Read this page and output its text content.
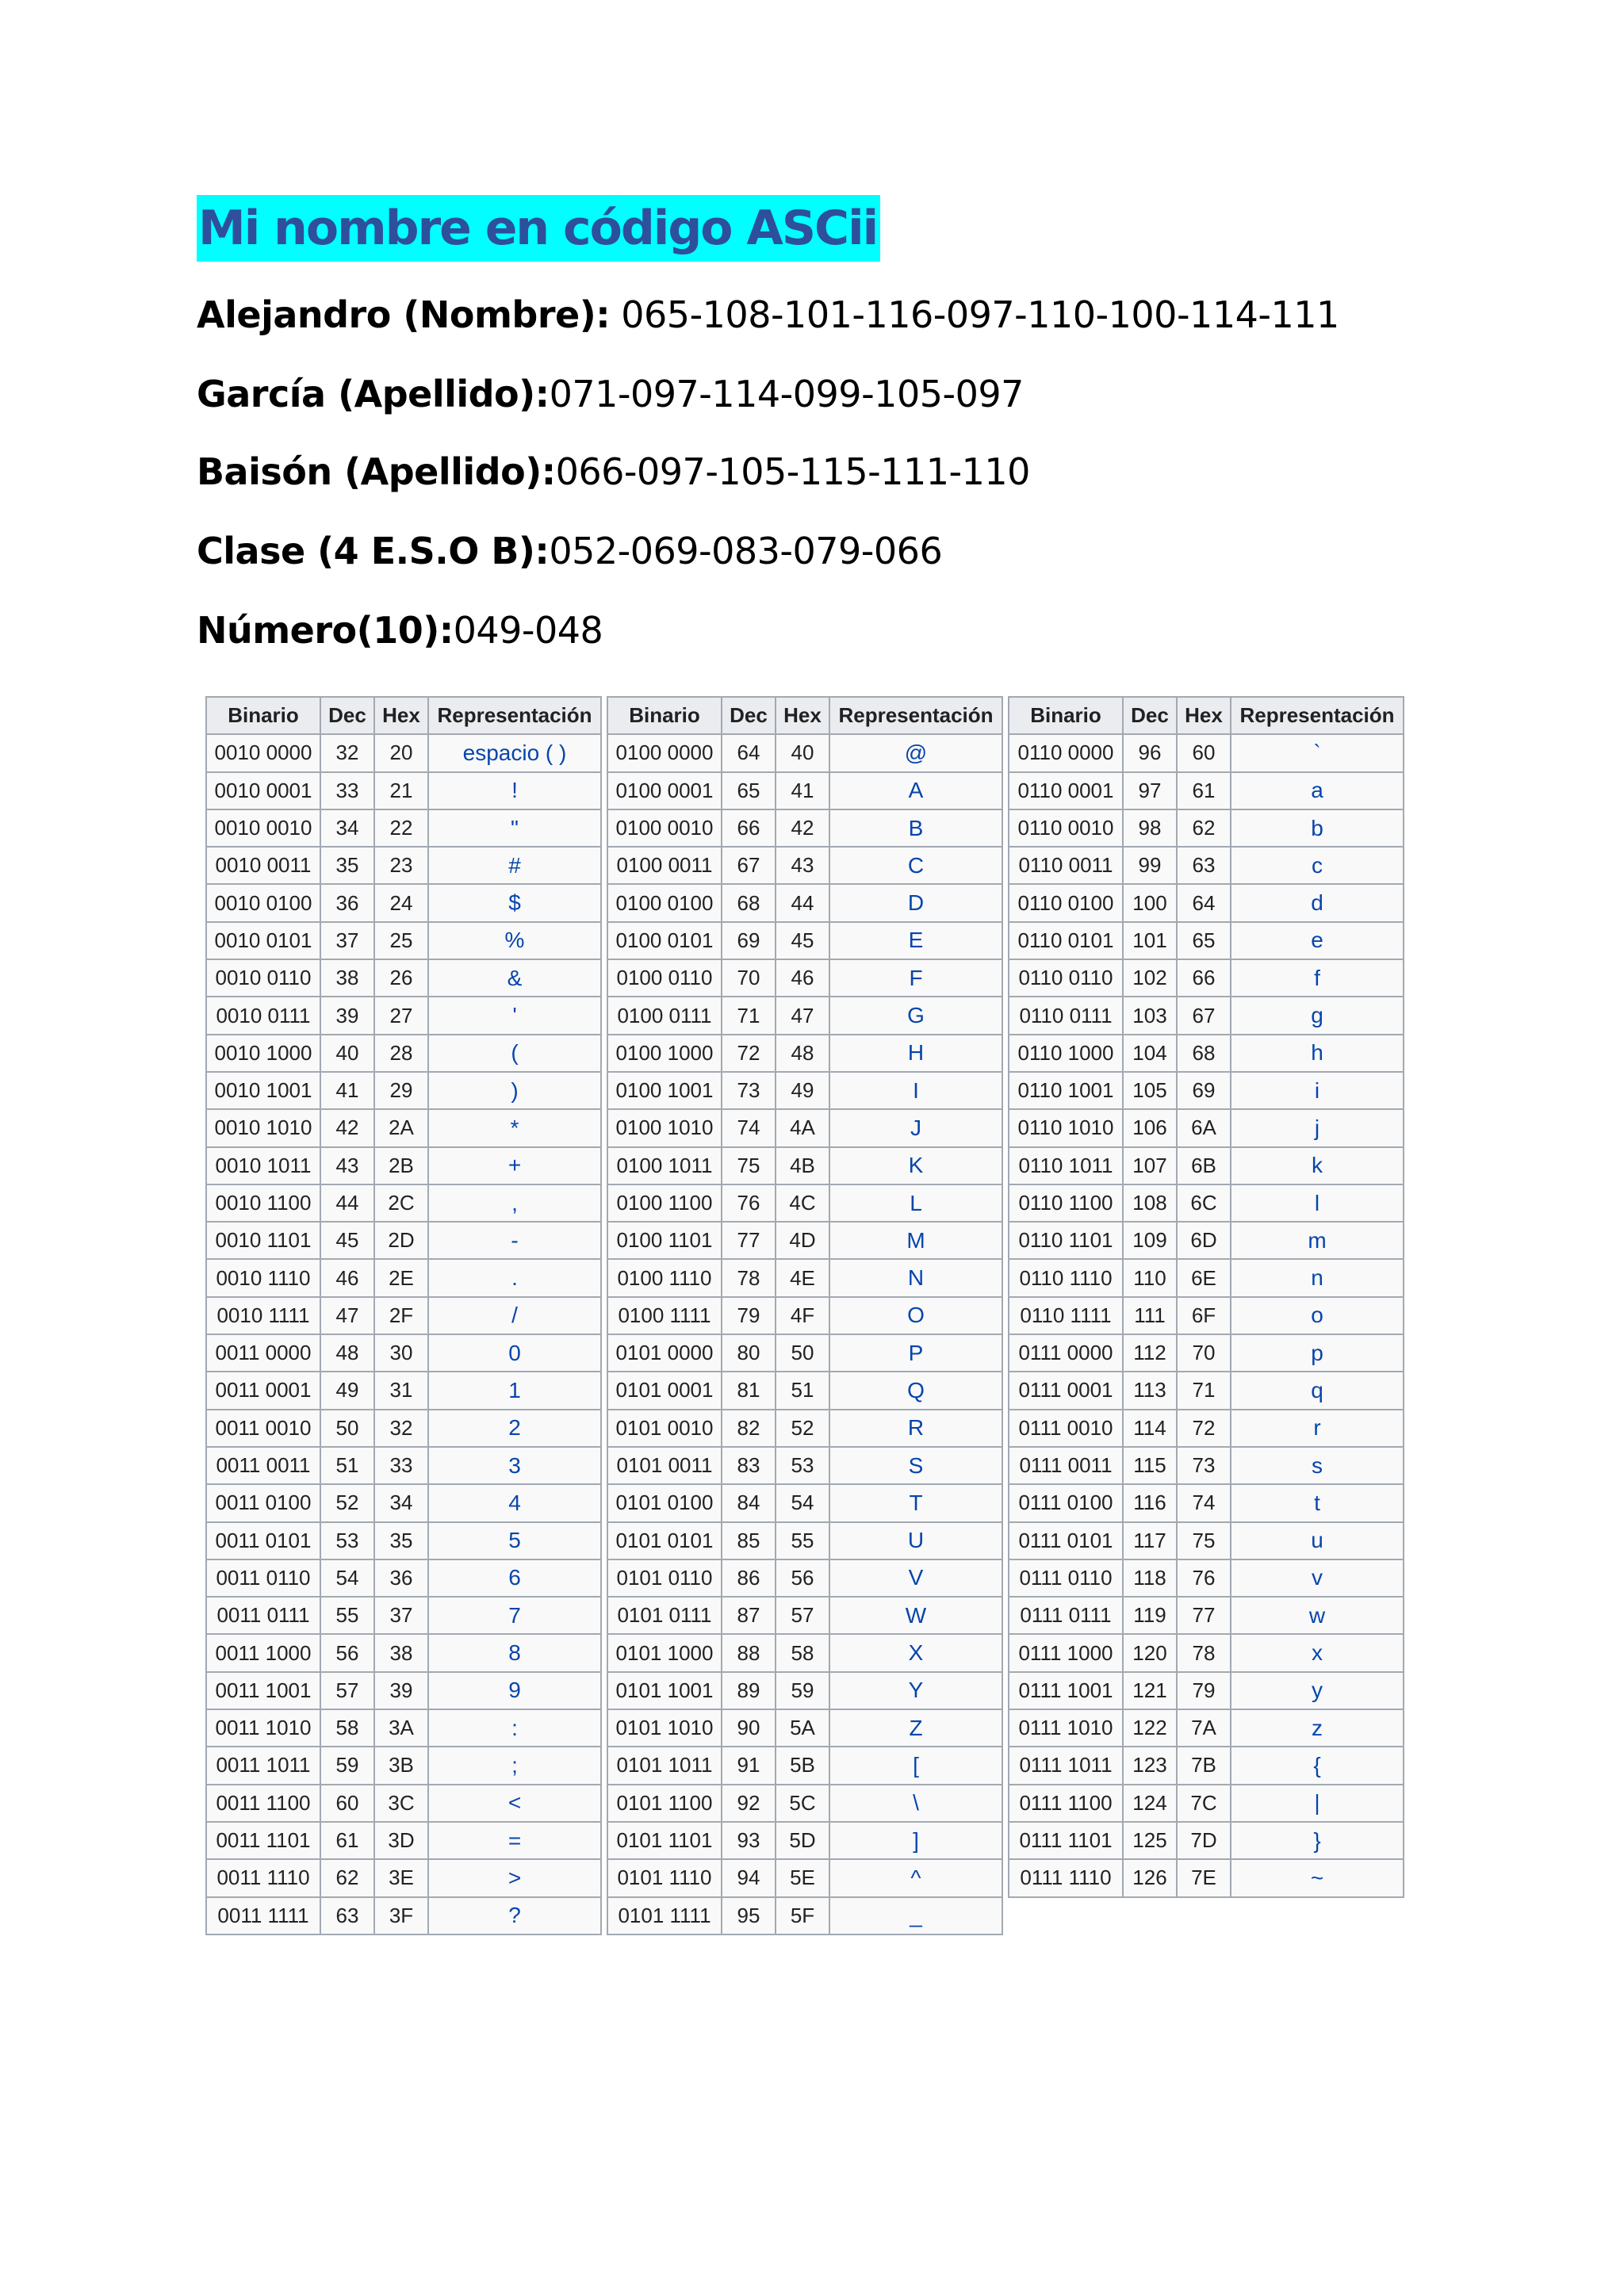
Mi nombre en código ASCii
Alejandro (Nombre): 065-108-101-116-097-110-100-114-111
García (Apellido):071-097-114-099-105-097
Baisón (Apellido):066-097-105-115-111-110
Clase (4 E.S.O B):052-069-083-079-066
Número(10):049-048
Binario	Dec	Hex	Representación
0010 0000	32	20	espacio ( )
0010 0001	33	21	!
0010 0010	34	22	"
0010 0011	35	23	#
0010 0100	36	24	$
0010 0101	37	25	%
0010 0110	38	26	&
0010 0111	39	27	'
0010 1000	40	28	(
0010 1001	41	29	)
0010 1010	42	2A	*
0010 1011	43	2B	+
0010 1100	44	2C	,
0010 1101	45	2D	-
0010 1110	46	2E	.
0010 1111	47	2F	/
0011 0000	48	30	0
0011 0001	49	31	1
0011 0010	50	32	2
0011 0011	51	33	3
0011 0100	52	34	4
0011 0101	53	35	5
0011 0110	54	36	6
0011 0111	55	37	7
0011 1000	56	38	8
0011 1001	57	39	9
0011 1010	58	3A	:
0011 1011	59	3B	;
0011 1100	60	3C	<
0011 1101	61	3D	=
0011 1110	62	3E	>
0011 1111	63	3F	?
Binario	Dec	Hex	Representación
0100 0000	64	40	@
0100 0001	65	41	A
0100 0010	66	42	B
0100 0011	67	43	C
0100 0100	68	44	D
0100 0101	69	45	E
0100 0110	70	46	F
0100 0111	71	47	G
0100 1000	72	48	H
0100 1001	73	49	I
0100 1010	74	4A	J
0100 1011	75	4B	K
0100 1100	76	4C	L
0100 1101	77	4D	M
0100 1110	78	4E	N
0100 1111	79	4F	O
0101 0000	80	50	P
0101 0001	81	51	Q
0101 0010	82	52	R
0101 0011	83	53	S
0101 0100	84	54	T
0101 0101	85	55	U
0101 0110	86	56	V
0101 0111	87	57	W
0101 1000	88	58	X
0101 1001	89	59	Y
0101 1010	90	5A	Z
0101 1011	91	5B	[
0101 1100	92	5C	\
0101 1101	93	5D	]
0101 1110	94	5E	^
0101 1111	95	5F	_
Binario	Dec	Hex	Representación
0110 0000	96	60	`
0110 0001	97	61	a
0110 0010	98	62	b
0110 0011	99	63	c
0110 0100	100	64	d
0110 0101	101	65	e
0110 0110	102	66	f
0110 0111	103	67	g
0110 1000	104	68	h
0110 1001	105	69	i
0110 1010	106	6A	j
0110 1011	107	6B	k
0110 1100	108	6C	l
0110 1101	109	6D	m
0110 1110	110	6E	n
0110 1111	111	6F	o
0111 0000	112	70	p
0111 0001	113	71	q
0111 0010	114	72	r
0111 0011	115	73	s
0111 0100	116	74	t
0111 0101	117	75	u
0111 0110	118	76	v
0111 0111	119	77	w
0111 1000	120	78	x
0111 1001	121	79	y
0111 1010	122	7A	z
0111 1011	123	7B	{
0111 1100	124	7C	|
0111 1101	125	7D	}
0111 1110	126	7E	~
